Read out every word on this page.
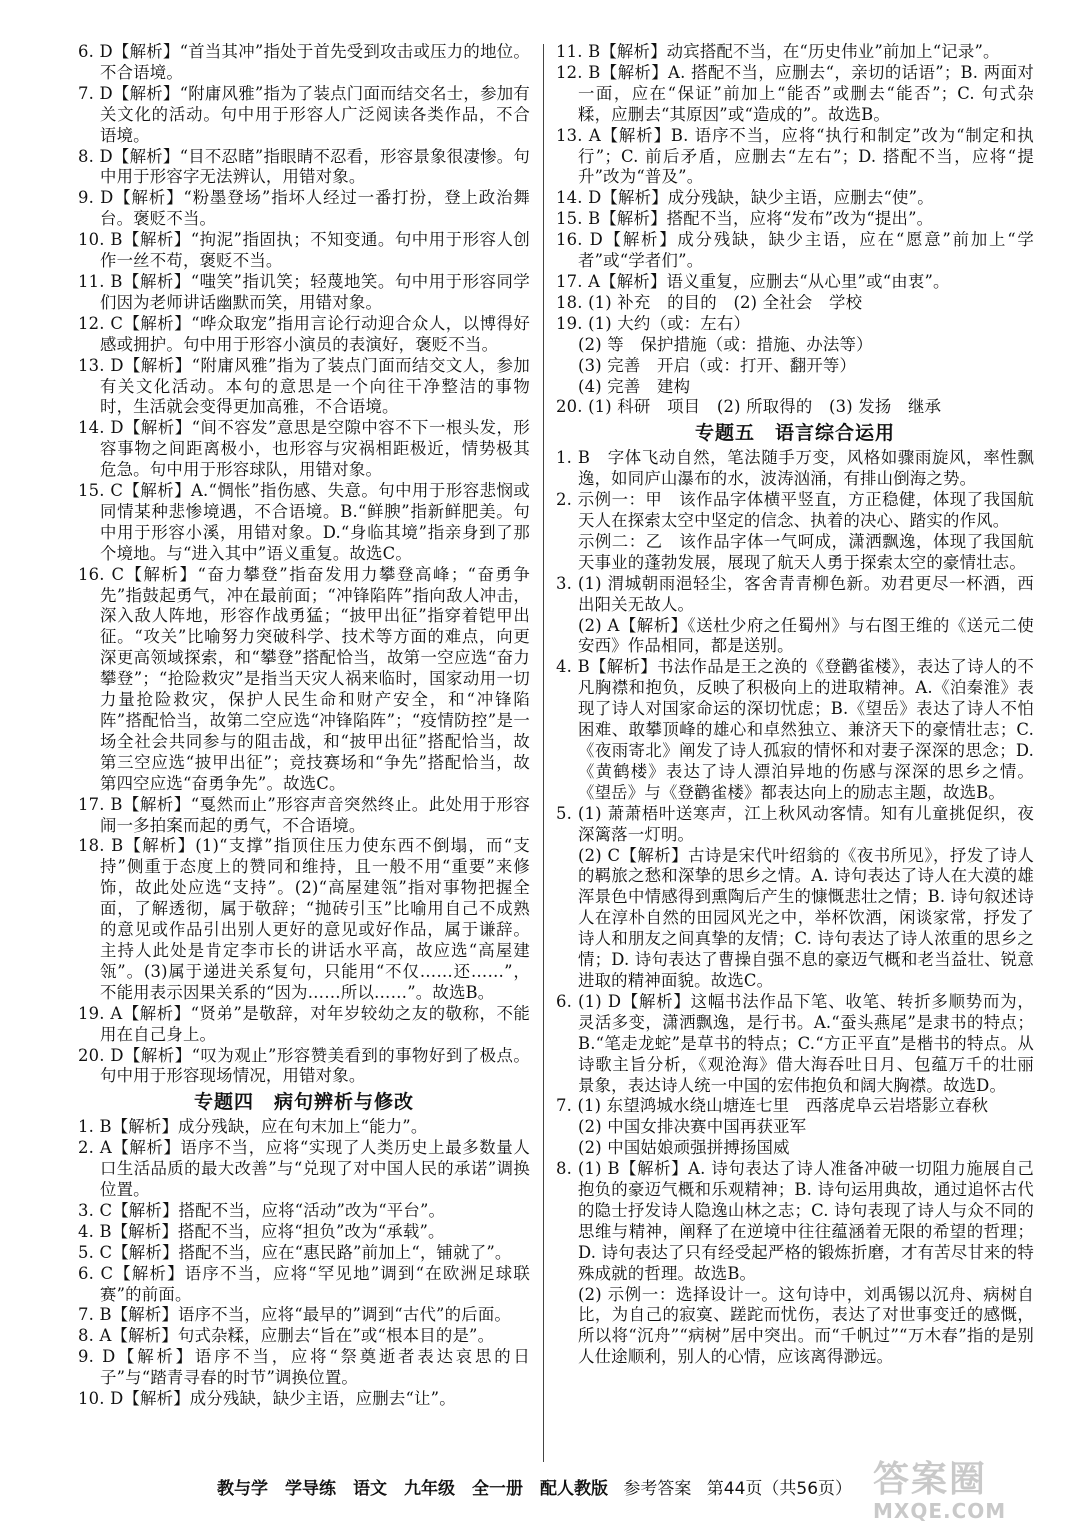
6. D【解析】“首当其冲”指处于首先受到攻击或压力的地位。不合语境。

7. D【解析】“附庸风雅”指为了装点门面而结交名士，参加有关文化的活动。句中用于形容人广泛阅读各类作品，不合语境。

8. D【解析】“目不忍睹”指眼睛不忍看，形容景象很凄惨。句中用于形容字无法辨认，用错对象。

9. D【解析】“粉墨登场”指坏人经过一番打扮，登上政治舞台。褒贬不当。

10. B【解析】“拘泥”指固执；不知变通。句中用于形容人创作一丝不苟，褒贬不当。

11. B【解析】“嗤笑”指讥笑；轻蔑地笑。句中用于形容同学们因为老师讲话幽默而笑，用错对象。

12. C【解析】“哗众取宠”指用言论行动迎合众人，以博得好感或拥护。句中用于形容小演员的表演好，褒贬不当。

13. D【解析】“附庸风雅”指为了装点门面而结交文人，参加有关文化活动。本句的意思是一个向往干净整洁的事物时，生活就会变得更加高雅，不合语境。

14. D【解析】“间不容发”意思是空隙中容不下一根头发，形容事物之间距离极小，也形容与灾祸相距极近，情势极其危急。句中用于形容球队，用错对象。

15. C【解析】A.“惆怅”指伤感、失意。句中用于形容悲悯或同情某种悲惨境遇，不合语境。B.“鲜腴”指新鲜肥美。句中用于形容小溪，用错对象。D.“身临其境”指亲身到了那个境地。与“进入其中”语义重复。故选C。

16. C【解析】“奋力攀登”指奋发用力攀登高峰；“奋勇争先”指鼓起勇气，冲在最前面；“冲锋陷阵”指向敌人冲击，深入敌人阵地，形容作战勇猛；“披甲出征”指穿着铠甲出征。“攻关”比喻努力突破科学、技术等方面的难点，向更深更高领域探索，和“攀登”搭配恰当，故第一空应选“奋力攀登”；“抢险救灾”是指当天灾人祸来临时，国家动用一切力量抢险救灾，保护人民生命和财产安全，和“冲锋陷阵”搭配恰当，故第二空应选“冲锋陷阵”；“疫情防控”是一场全社会共同参与的阻击战，和“披甲出征”搭配恰当，故第三空应选“披甲出征”；竞技赛场和“争先”搭配恰当，故第四空应选“奋勇争先”。故选C。

17. B【解析】“戛然而止”形容声音突然终止。此处用于形容闹一多拍案而起的勇气，不合语境。

18. B【解析】(1)“支撑”指顶住压力使东西不倒塌，而“支持”侧重于态度上的赞同和维持，且一般不用“重要”来修饰，故此处应选“支持”。(2)“高屋建瓴”指对事物把握全面，了解透彻，属于敬辞；“抛砖引玉”比喻用自己不成熟的意见或作品引出别人更好的意见或好作品，属于谦辞。主持人此处是肯定李市长的讲话水平高，故应选“高屋建瓴”。(3)属于递进关系复句，只能用“不仅……还……”，不能用表示因果关系的“因为……所以……”。故选B。

19. A【解析】“贤弟”是敬辞，对年岁较幼之友的敬称，不能用在自己身上。

20. D【解析】“叹为观止”形容赞美看到的事物好到了极点。句中用于形容现场情况，用错对象。

专题四　病句辨析与修改

1. B【解析】成分残缺，应在句末加上“能力”。

2. A【解析】语序不当，应将“实现了人类历史上最多数量人口生活品质的最大改善”与“兑现了对中国人民的承诺”调换位置。

3. C【解析】搭配不当，应将“活动”改为“平台”。

4. B【解析】搭配不当，应将“担负”改为“承载”。

5. C【解析】搭配不当，应在“惠民路”前加上“，铺就了”。

6. C【解析】语序不当，应将“罕见地”调到“在欧洲足球联赛”的前面。

7. B【解析】语序不当，应将“最早的”调到“古代”的后面。

8. A【解析】句式杂糅，应删去“旨在”或“根本目的是”。

9. D【解析】语序不当，应将“祭奠逝者表达哀思的日子”与“踏青寻春的时节”调换位置。

10. D【解析】成分残缺，缺少主语，应删去“让”。

11. B【解析】动宾搭配不当，在“历史伟业”前加上“记录”。

12. B【解析】A. 搭配不当，应删去“，亲切的话语”；B. 两面对一面，应在“保证”前加上“能否”或删去“能否”；C. 句式杂糅，应删去“其原因”或“造成的”。故选B。

13. A【解析】B. 语序不当，应将“执行和制定”改为“制定和执行”；C. 前后矛盾，应删去“左右”；D. 搭配不当，应将“提升”改为“普及”。

14. D【解析】成分残缺，缺少主语，应删去“使”。

15. B【解析】搭配不当，应将“发布”改为“提出”。

16. D【解析】成分残缺，缺少主语，应在“愿意”前加上“学者”或“学者们”。

17. A【解析】语义重复，应删去“从心里”或“由衷”。

18. (1) 补充　的目的　(2) 全社会　学校

19. (1) 大约（或：左右）

(2) 等　保护措施（或：措施、办法等）

(3) 完善　开启（或：打开、翻开等）

(4) 完善　建构

20. (1) 科研　项目　(2) 所取得的　(3) 发扬　继承

专题五　语言综合运用

1. B　字体飞动自然，笔法随手万变，风格如骤雨旋风，率性飘逸，如同庐山瀑布的水，波涛汹涌，有排山倒海之势。

2. 示例一：甲　该作品字体横平竖直，方正稳健，体现了我国航天人在探索太空中坚定的信念、执着的决心、踏实的作风。

示例二：乙　该作品字体一气呵成，潇洒飘逸，体现了我国航天事业的蓬勃发展，展现了航天人勇于探索太空的豪情壮志。

3. (1) 渭城朝雨浥轻尘，客舍青青柳色新。劝君更尽一杯酒，西出阳关无故人。

(2) A【解析】《送杜少府之任蜀州》与右图王维的《送元二使安西》作品相同，都是送别。

4. B【解析】书法作品是王之涣的《登鹳雀楼》，表达了诗人的不凡胸襟和抱负，反映了积极向上的进取精神。A.《泊秦淮》表现了诗人对国家命运的深切忧虑；B.《望岳》表达了诗人不怕困难、敢攀顶峰的雄心和卓然独立、兼济天下的豪情壮志；C.《夜雨寄北》阐发了诗人孤寂的情怀和对妻子深深的思念；D.《黄鹤楼》表达了诗人漂泊异地的伤感与深深的思乡之情。《望岳》与《登鹳雀楼》都表达向上的励志主题，故选B。

5. (1) 萧萧梧叶送寒声，江上秋风动客情。知有儿童挑促织，夜深篱落一灯明。

(2) C【解析】古诗是宋代叶绍翁的《夜书所见》，抒发了诗人的羁旅之愁和深挚的思乡之情。A. 诗句表达了诗人在大漠的雄浑景色中情感得到熏陶后产生的慷慨悲壮之情；B. 诗句叙述诗人在淳朴自然的田园风光之中，举杯饮酒，闲谈家常，抒发了诗人和朋友之间真挚的友情；C. 诗句表达了诗人浓重的思乡之情；D. 诗句表达了曹操自强不息的豪迈气概和老当益壮、锐意进取的精神面貌。故选C。

6. (1) D【解析】这幅书法作品下笔、收笔、转折多顺势而为，灵活多变，潇洒飘逸，是行书。A.“蚕头燕尾”是隶书的特点；B.“笔走龙蛇”是草书的特点；C.“方正平直”是楷书的特点。从诗歌主旨分析，《观沧海》借大海吞吐日月、包蕴万千的壮丽景象，表达诗人统一中国的宏伟抱负和阔大胸襟。故选D。

7. (1) 东望鸿城水绕山塘连七里　西落虎阜云岩塔影立春秋

(2) 中国女排决赛中国再获亚军

(2) 中国姑娘顽强拼搏扬国威

8. (1) B【解析】A. 诗句表达了诗人准备冲破一切阻力施展自己抱负的豪迈气概和乐观精神；B. 诗句运用典故，通过追怀古代的隐士抒发诗人隐逸山林之志；C. 诗句表现了诗人与众不同的思维与精神，阐释了在逆境中往往蕴涵着无限的希望的哲理；D. 诗句表达了只有经受起严格的锻炼折磨，才有苦尽甘来的特殊成就的哲理。故选B。

(2) 示例一：选择设计一。这句诗中，刘禹锡以沉舟、病树自比，为自己的寂寞、蹉跎而忧伤，表达了对世事变迁的感慨，所以将“沉舟”“病树”居中突出。而“千帆过”“万木春”指的是别人仕途顺利，别人的心情，应该离得渺远。

教与学　学导练　语文　九年级　全一册　配人教版 参考答案 第44页（共56页） 答案圈
MXQE.COM
